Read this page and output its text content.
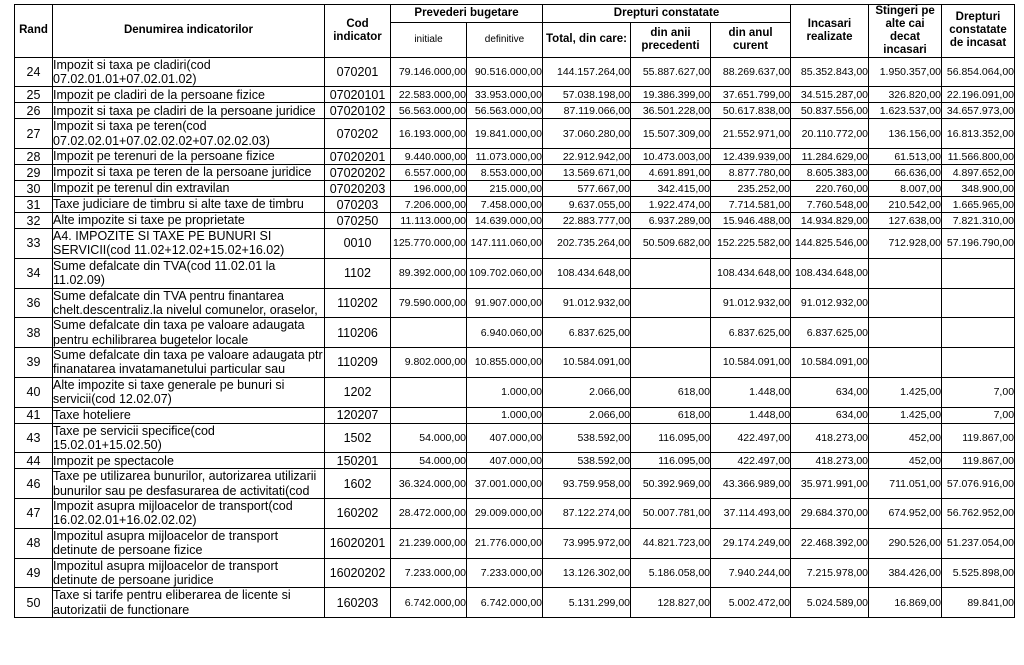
Rand	Denumirea indicatorilor	Cod indicator	Prevederi bugetare		Drepturi constatate			Incasari realizate	Stingeri pe alte cai decat incasari	Drepturi constatate de incasat
			initiale	definitive	Total, din care:	din anii precedenti	din anul curent			
24	Impozit si taxa pe cladiri(cod 07.02.01.01+07.02.01.02)	070201	79.146.000,00	90.516.000,00	144.157.264,00	55.887.627,00	88.269.637,00	85.352.843,00	1.950.357,00	56.854.064,00
25	Impozit pe cladiri de la persoane fizice	07020101	22.583.000,00	33.953.000,00	57.038.198,00	19.386.399,00	37.651.799,00	34.515.287,00	326.820,00	22.196.091,00
26	Impozit si taxa pe cladiri de la persoane juridice	07020102	56.563.000,00	56.563.000,00	87.119.066,00	36.501.228,00	50.617.838,00	50.837.556,00	1.623.537,00	34.657.973,00
27	Impozit si taxa pe teren(cod 07.02.02.01+07.02.02.02+07.02.02.03)	070202	16.193.000,00	19.841.000,00	37.060.280,00	15.507.309,00	21.552.971,00	20.110.772,00	136.156,00	16.813.352,00
28	Impozit pe terenuri de la persoane fizice	07020201	9.440.000,00	11.073.000,00	22.912.942,00	10.473.003,00	12.439.939,00	11.284.629,00	61.513,00	11.566.800,00
29	Impozit si taxa pe teren de la persoane juridice	07020202	6.557.000,00	8.553.000,00	13.569.671,00	4.691.891,00	8.877.780,00	8.605.383,00	66.636,00	4.897.652,00
30	Impozit pe terenul din extravilan	07020203	196.000,00	215.000,00	577.667,00	342.415,00	235.252,00	220.760,00	8.007,00	348.900,00
31	Taxe judiciare de timbru si alte taxe de timbru	070203	7.206.000,00	7.458.000,00	9.637.055,00	1.922.474,00	7.714.581,00	7.760.548,00	210.542,00	1.665.965,00
32	Alte impozite si taxe pe proprietate	070250	11.113.000,00	14.639.000,00	22.883.777,00	6.937.289,00	15.946.488,00	14.934.829,00	127.638,00	7.821.310,00
33	A4. IMPOZITE SI TAXE PE BUNURI SI SERVICII(cod 11.02+12.02+15.02+16.02)	0010	125.770.000,00	147.111.060,00	202.735.264,00	50.509.682,00	152.225.582,00	144.825.546,00	712.928,00	57.196.790,00
34	Sume defalcate din TVA(cod 11.02.01 la 11.02.09)	1102	89.392.000,00	109.702.060,00	108.434.648,00		108.434.648,00	108.434.648,00		
36	Sume defalcate din TVA pentru finantarea chelt.descentraliz.la nivelul comunelor, oraselor,	110202	79.590.000,00	91.907.000,00	91.012.932,00		91.012.932,00	91.012.932,00		
38	Sume defalcate din taxa pe valoare adaugata pentru echilibrarea bugetelor locale	110206		6.940.060,00	6.837.625,00		6.837.625,00	6.837.625,00		
39	Sume defalcate din taxa pe valoare adaugata ptr finanatarea invatamanetului particular sau	110209	9.802.000,00	10.855.000,00	10.584.091,00		10.584.091,00	10.584.091,00		
40	Alte impozite si taxe generale pe bunuri si servicii(cod 12.02.07)	1202		1.000,00	2.066,00	618,00	1.448,00	634,00	1.425,00	7,00
41	Taxe hoteliere	120207		1.000,00	2.066,00	618,00	1.448,00	634,00	1.425,00	7,00
43	Taxe pe servicii specifice(cod 15.02.01+15.02.50)	1502	54.000,00	407.000,00	538.592,00	116.095,00	422.497,00	418.273,00	452,00	119.867,00
44	Impozit pe spectacole	150201	54.000,00	407.000,00	538.592,00	116.095,00	422.497,00	418.273,00	452,00	119.867,00
46	Taxe pe utilizarea bunurilor, autorizarea utilizarii bunurilor sau pe desfasurarea de activitati(cod	1602	36.324.000,00	37.001.000,00	93.759.958,00	50.392.969,00	43.366.989,00	35.971.991,00	711.051,00	57.076.916,00
47	Impozit asupra mijloacelor de transport(cod 16.02.02.01+16.02.02.02)	160202	28.472.000,00	29.009.000,00	87.122.274,00	50.007.781,00	37.114.493,00	29.684.370,00	674.952,00	56.762.952,00
48	Impozitul asupra mijloacelor de transport detinute de persoane fizice	16020201	21.239.000,00	21.776.000,00	73.995.972,00	44.821.723,00	29.174.249,00	22.468.392,00	290.526,00	51.237.054,00
49	Impozitul asupra mijloacelor de transport detinute de persoane juridice	16020202	7.233.000,00	7.233.000,00	13.126.302,00	5.186.058,00	7.940.244,00	7.215.978,00	384.426,00	5.525.898,00
50	Taxe si tarife pentru eliberarea de licente si autorizatii de functionare	160203	6.742.000,00	6.742.000,00	5.131.299,00	128.827,00	5.002.472,00	5.024.589,00	16.869,00	89.841,00
